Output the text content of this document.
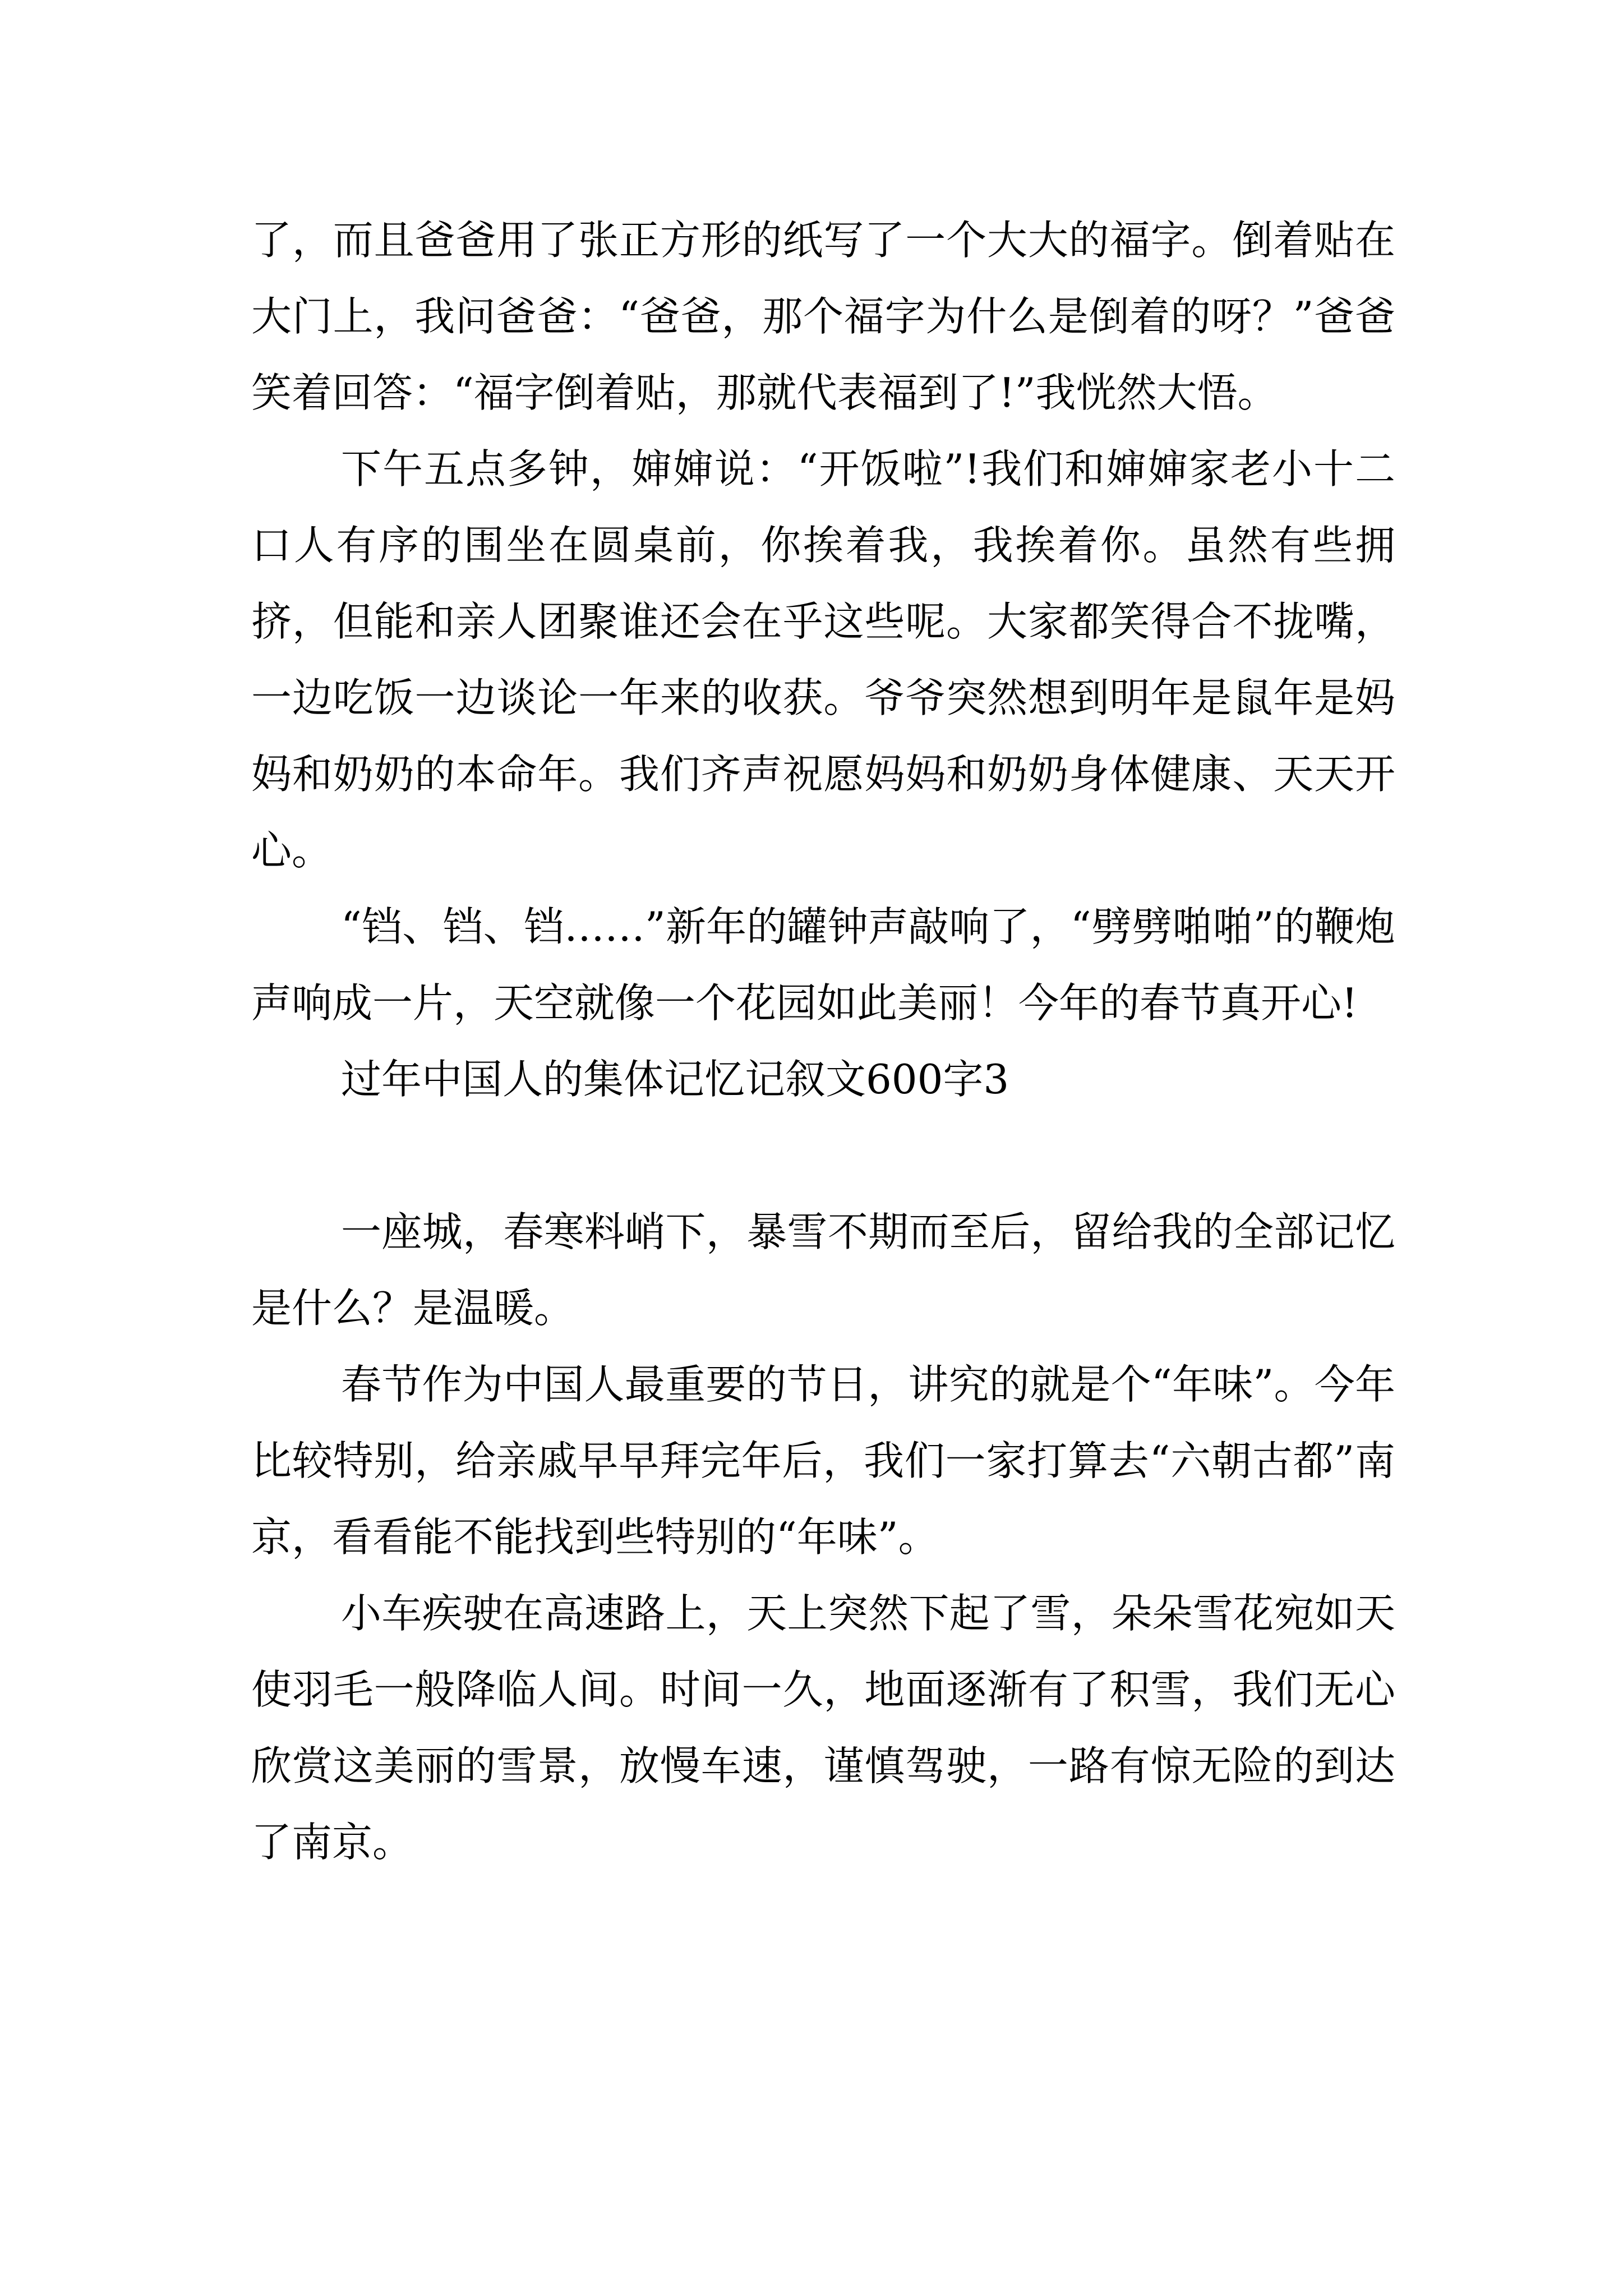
了，而且爸爸用了张正方形的纸写了一个大大的福字。倒着贴在大门上，我问爸爸：“爸爸，那个福字为什么是倒着的呀？”爸爸笑着回答：“福字倒着贴，那就代表福到了!”我恍然大悟。

下午五点多钟，婶婶说：“开饭啦”!我们和婶婶家老小十二口人有序的围坐在圆桌前，你挨着我，我挨着你。虽然有些拥挤，但能和亲人团聚谁还会在乎这些呢。大家都笑得合不拢嘴，一边吃饭一边谈论一年来的收获。爷爷突然想到明年是鼠年是妈妈和奶奶的本命年。我们齐声祝愿妈妈和奶奶身体健康、天天开心。

“铛、铛、铛……”新年的罐钟声敲响了，“劈劈啪啪”的鞭炮声响成一片，天空就像一个花园如此美丽！今年的春节真开心!

过年中国人的集体记忆记叙文600字3

一座城，春寒料峭下，暴雪不期而至后，留给我的全部记忆是什么？是温暖。

春节作为中国人最重要的节日，讲究的就是个“年味”。今年比较特别，给亲戚早早拜完年后，我们一家打算去“六朝古都”南京，看看能不能找到些特别的“年味”。

小车疾驶在高速路上，天上突然下起了雪，朵朵雪花宛如天使羽毛一般降临人间。时间一久，地面逐渐有了积雪，我们无心欣赏这美丽的雪景，放慢车速，谨慎驾驶，一路有惊无险的到达了南京。
